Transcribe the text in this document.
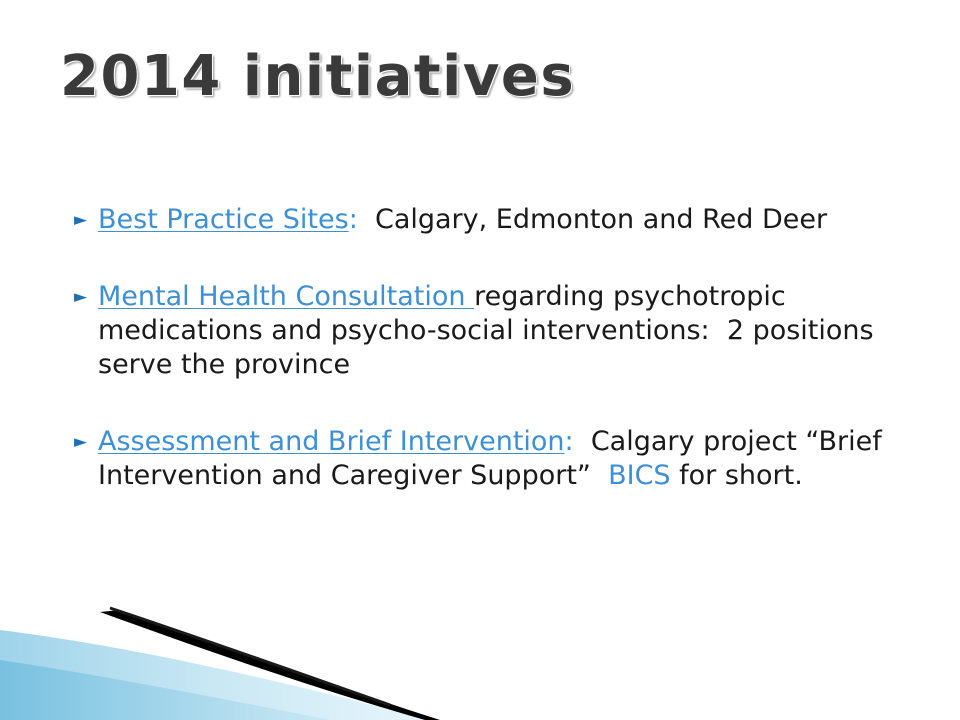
2014 initiatives
► Best Practice Sites:  Calgary, Edmonton and Red Deer
► Mental Health Consultation regarding psychotropic medications and psycho-social interventions:  2 positions serve the province
► Assessment and Brief Intervention:  Calgary project “Brief Intervention and Caregiver Support”  BICS for short.
